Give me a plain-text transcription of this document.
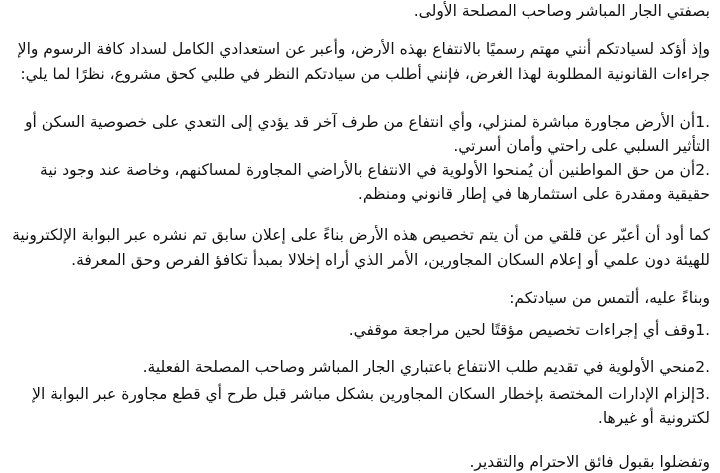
بصفتي الجار المباشر وصاحب المصلحة الأولى.
وإذ أؤكد لسيادتكم أنني مهتم رسميًا بالانتفاع بهذه الأرض، وأعبر عن استعدادي الكامل لسداد كافة الرسوم والإ
جراءات القانونية المطلوبة لهذا الغرض، فإنني أطلب من سيادتكم النظر في طلبي كحق مشروع، نظرًا لما يلي:
.1أن الأرض مجاورة مباشرة لمنزلي، وأي انتفاع من طرف آخر قد يؤدي إلى التعدي على خصوصية السكن أو
التأثير السلبي على راحتي وأمان أسرتي.
.2أن من حق المواطنين أن يُمنحوا الأولوية في الانتفاع بالأراضي المجاورة لمساكنهم، وخاصة عند وجود نية
حقيقية ومقدرة على استثمارها في إطار قانوني ومنظم.
كما أود أن أعبّر عن قلقي من أن يتم تخصيص هذه الأرض بناءً على إعلان سابق تم نشره عبر البوابة الإلكترونية
للهيئة دون علمي أو إعلام السكان المجاورين، الأمر الذي أراه إخلالا بمبدأ تكافؤ الفرص وحق المعرفة.
وبناءً عليه، ألتمس من سيادتكم:
.1وقف أي إجراءات تخصيص مؤقتًا لحين مراجعة موقفي.
.2منحي الأولوية في تقديم طلب الانتفاع باعتباري الجار المباشر وصاحب المصلحة الفعلية.
.3إلزام الإدارات المختصة بإخطار السكان المجاورين بشكل مباشر قبل طرح أي قطع مجاورة عبر البوابة الإ
لكترونية أو غيرها.
وتفضلوا بقبول فائق الاحترام والتقدير.
